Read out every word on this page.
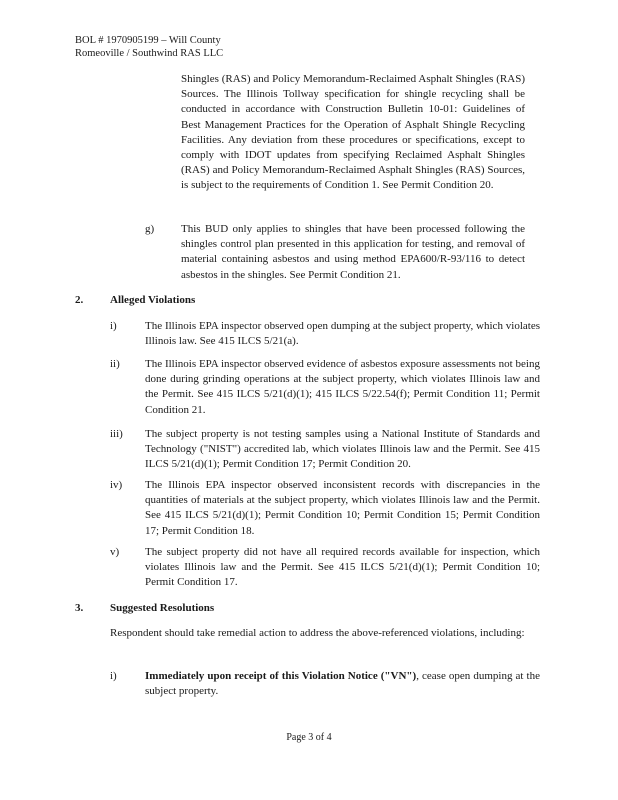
BOL # 1970905199 – Will County
Romeoville / Southwind RAS LLC
Shingles (RAS) and Policy Memorandum-Reclaimed Asphalt Shingles (RAS) Sources. The Illinois Tollway specification for shingle recycling shall be conducted in accordance with Construction Bulletin 10-01: Guidelines of Best Management Practices for the Operation of Asphalt Shingle Recycling Facilities. Any deviation from these procedures or specifications, except to comply with IDOT updates from specifying Reclaimed Asphalt Shingles (RAS) and Policy Memorandum-Reclaimed Asphalt Shingles (RAS) Sources, is subject to the requirements of Condition 1. See Permit Condition 20.
g) This BUD only applies to shingles that have been processed following the shingles control plan presented in this application for testing, and removal of material containing asbestos and using method EPA600/R-93/116 to detect asbestos in the shingles. See Permit Condition 21.
2. Alleged Violations
i)	The Illinois EPA inspector observed open dumping at the subject property, which violates Illinois law. See 415 ILCS 5/21(a).
ii) The Illinois EPA inspector observed evidence of asbestos exposure assessments not being done during grinding operations at the subject property, which violates Illinois law and the Permit. See 415 ILCS 5/21(d)(1); 415 ILCS 5/22.54(f); Permit Condition 11; Permit Condition 21.
iii) The subject property is not testing samples using a National Institute of Standards and Technology ("NIST") accredited lab, which violates Illinois law and the Permit. See 415 ILCS 5/21(d)(1); Permit Condition 17; Permit Condition 20.
iv) The Illinois EPA inspector observed inconsistent records with discrepancies in the quantities of materials at the subject property, which violates Illinois law and the Permit. See 415 ILCS 5/21(d)(1); Permit Condition 10; Permit Condition 15; Permit Condition 17; Permit Condition 18.
v) The subject property did not have all required records available for inspection, which violates Illinois law and the Permit. See 415 ILCS 5/21(d)(1); Permit Condition 10; Permit Condition 17.
3. Suggested Resolutions
Respondent should take remedial action to address the above-referenced violations, including:
i)	Immediately upon receipt of this Violation Notice ("VN"), cease open dumping at the subject property.
Page 3 of 4
